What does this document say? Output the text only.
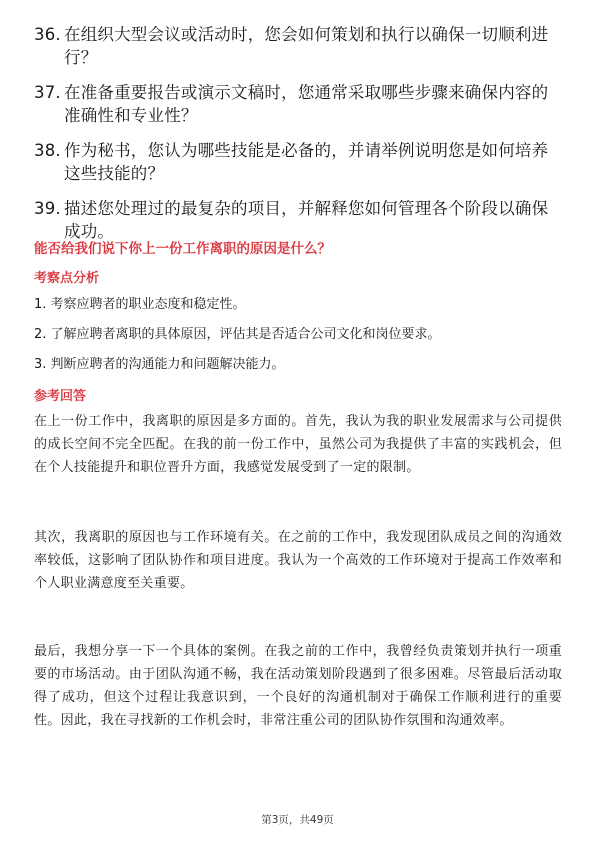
36. 在组织大型会议或活动时，您会如何策划和执行以确保一切顺利进行？
37. 在准备重要报告或演示文稿时，您通常采取哪些步骤来确保内容的准确性和专业性？
38. 作为秘书，您认为哪些技能是必备的，并请举例说明您是如何培养这些技能的？
39. 描述您处理过的最复杂的项目，并解释您如何管理各个阶段以确保成功。
能否给我们说下你上一份工作离职的原因是什么？
考察点分析
1. 考察应聘者的职业态度和稳定性。
2. 了解应聘者离职的具体原因，评估其是否适合公司文化和岗位要求。
3. 判断应聘者的沟通能力和问题解决能力。
参考回答
在上一份工作中，我离职的原因是多方面的。首先，我认为我的职业发展需求与公司提供的成长空间不完全匹配。在我的前一份工作中，虽然公司为我提供了丰富的实践机会，但在个人技能提升和职位晋升方面，我感觉发展受到了一定的限制。
其次，我离职的原因也与工作环境有关。在之前的工作中，我发现团队成员之间的沟通效率较低，这影响了团队协作和项目进度。我认为一个高效的工作环境对于提高工作效率和个人职业满意度至关重要。
最后，我想分享一下一个具体的案例。在我之前的工作中，我曾经负责策划并执行一项重要的市场活动。由于团队沟通不畅，我在活动策划阶段遇到了很多困难。尽管最后活动取得了成功，但这个过程让我意识到，一个良好的沟通机制对于确保工作顺利进行的重要性。因此，我在寻找新的工作机会时，非常注重公司的团队协作氛围和沟通效率。
第3页，共49页
